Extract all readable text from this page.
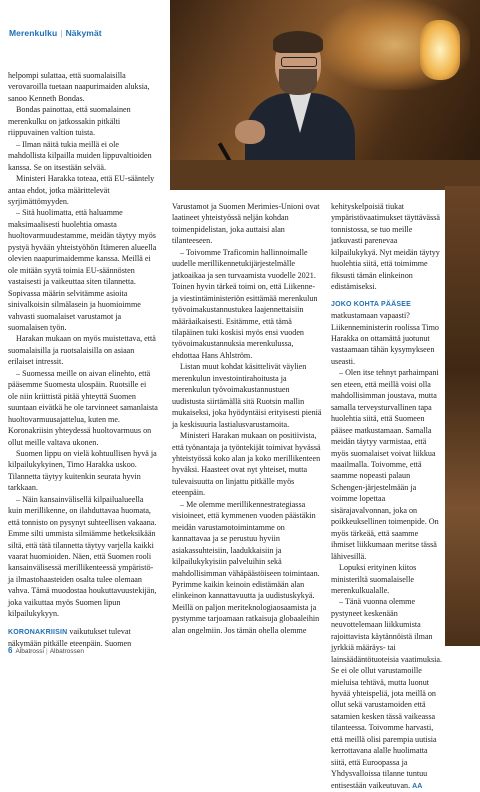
Merenkulku | Näkymät

helpompi sulattaa, että suomalaisilla verovaroilla tuetaan naapurimaiden aluksia, sanoo Kenneth Bondas.

Bondas painottaa, että suomalainen merenkulku on jatkossakin pitkälti riippuvainen valtion tuista.

– Ilman näitä tukia meillä ei ole mahdollista kilpailla muiden lippuvaltioiden kanssa. Se on itsestään selvää.

Ministeri Harakka toteaa, että EU-sääntely antaa ehdot, jotka määrittelevät syrjimättömyyden.

– Sitä huolimatta, että haluamme maksimaalisesti huolehtia omasta huoltovarmuudestamme, meidän täytyy myös pystyä hyvään yhteistyöhön Itämeren alueella olevien naapurimaidemme kanssa. Meillä ei ole mitään syytä toimia EU-säännösten vastaisesti ja vaikeuttaa siten tilannetta. Sopivassa määrin selvitämme asioita sinivalkoisin silmälasein ja huomioimme vahvasti suomalaiset varustamot ja suomalaisen työn.

Harakan mukaan on myös muistettava, että suomalaisilla ja ruotsalaisilla on asiaan erilaiset intressit.

– Suomessa meille on aivan elinehto, että pääsemme Suomesta ulospäin. Ruotsille ei ole niin kriittistä pitää yhteyttä Suomen suuntaan eivätkä he ole tarvinneet samanlaista huoltovarmuusajattelua, kuten me. Koronakriisin yhteydessä huoltovarmuus on ollut meille valtava ukonen.

Suomen lippu on vielä kohtuullisen hyvä ja kilpailukykyinen, Timo Harakka uskoo. Tilannetta täytyy kuitenkin seurata hyvin tarkkaan.

– Näin kansainvälisellä kilpailualueella kuin merillikenne, on ilahduttavaa huomata, että tonnisto on pysynyt suhteellisen vakaana. Emme silti ummista silmiämme hetkeksikään siltä, että tätä tilannetta täytyy varjella kaikki vaarat huomioiden. Näen, että Suomen rooli kansainvälisessä merillikenteessä ympäristö- ja ilmastohaasteiden osalta tulee olemaan vahva. Tämä muodostaa houkuttavuustekijän, joka vaikuttaa myös Suomen lipun kilpailukykyyn.

KORONAKRIISIN vaikutukset tulevat näkymään pitkälle eteenpäin. Suomen

Varustamot ja Suomen Merimies-Unioni ovat laatineet yhteistyössä neljän kohdan toimenpidelistan, joka auttaisi alan tilanteeseen.

– Toivomme Traficomin hallinnoimalle uudelle merillikennetukijärjestelmälle jatkoaikaa ja sen turvaamista vuodelle 2021. Toinen hyvin tärkeä toimi on, että Liikenne- ja viestintäministeriön esittämää merenkulun työvoimakustannustukea laajennettaisiin määräaikaisesti. Esitämme, että tämä tilapäinen tuki koskisi myös ensi vuoden työvoimakustannuksia merenkulussa, ehdottaa Hans Ahlström.

Listan muut kohdat käsittelivät väylien merenkulun investointirahoitusta ja merenkulun työvoimakustannustuen uudistusta siirtämällä sitä Ruotsin mallin mukaiseksi, joka hyödyntäisi erityisesti pieniä ja keskisuuria lastialusvarustamoita.

Ministeri Harakan mukaan on positiivista, että työnantaja ja työntekijät toimivat hyvässä yhteistyössä koko alan ja koko merillikenteen hyväksi. Haasteet ovat nyt yhteiset, mutta tulevaisuutta on linjattu pitkälle myös eteenpäin.

– Me olemme merillikennestrategiassa visioineet, että kymmenen vuoden päästäkin meidän varustamotoimintamme on kannattavaa ja se perustuu hyviin asiakassuhteisiin, laadukkaisiin ja kilpailukykyisiin palveluihin sekä mahdollisimman vähäpäästöiseen toimintaan. Pyrimme kaikin keinoin edistämään alan elinkeinon kannattavuutta ja uudistuskykyä. Meillä on paljon meriteknologiaosaamista ja pystymme tarjoamaan ratkaisuja globaaleihin alan ongelmiin. Jos tämän ohella olemme

kehityskelpoisiä tiukat ympäristövaatimukset täyttävässä tonnistossa, se tuo meille jatkuvasti parenevaa kilpailukykyä. Nyt meidän täytyy huolehtia siitä, että toimimme fiksusti tämän elinkeinon edistämiseksi.

JOKO KOHTA PÄÄSEE matkustamaan vapaasti? Liikenneministerin roolissa Timo Harakka on ottamättä juotunut vastaamaan tähän kysymykseen useasti.

– Olen itse tehnyt parhaimpani sen eteen, että meillä voisi olla mahdollisimman joustava, mutta samalla terveysturvallinen tapa huolehtia siitä, että Suomeen pääsee matkustamaan. Samalla meidän täytyy varmistaa, että myös suomalaiset voivat liikkua maailmalla. Toivomme, että saamme nopeasti palaun Schengen-järjestelmään ja voimme lopettaa sisärajavalvonnan, joka on poikkeuksellinen toimenpide. On myös tärkeää, että saamme ihmiset liikkumaan meritse tässä lähivesillä.

Lopuksi erityinen kiitos ministeriltä suomalaiselle merenkulkualalle.

– Tänä vuonna olemme pystyneet keskenään neuvottelemaan liikkumista rajoittavista käytännöistä ilman jyrkkiä määräys- tai lainsäädäntötuoteisia vaatimuksia. Se ei ole ollut varustamoille mieluisa tehtävä, mutta luonut hyvää yhteispeliä, jota meillä on ollut sekä varustamoiden että satamien kesken tässä vaikeassa tilanteessa. Toivomme harvasti, että meillä olisi parempia uutisia kerrottavana alalle huolimatta siitä, että Euroopassa ja Yhdysvalloissa tilanne tuntuu entisestään vaikeutuvan. AA

6 Albatrossi | Albatrossen
